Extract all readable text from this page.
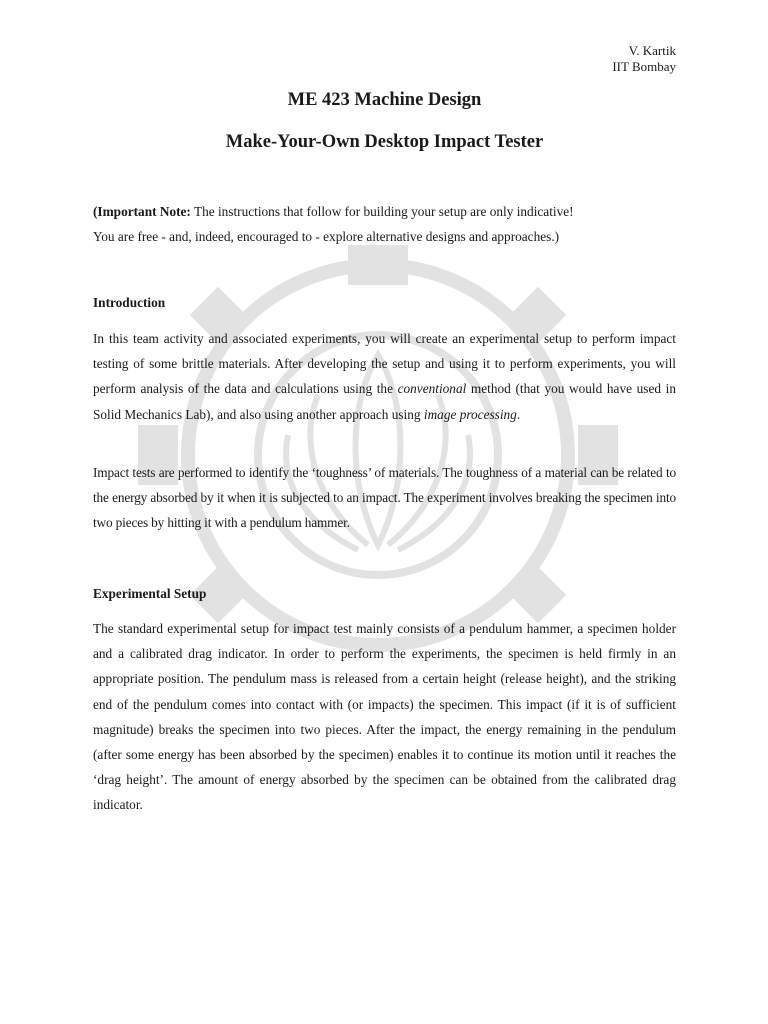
V. Kartik
IIT Bombay
ME 423 Machine Design
Make-Your-Own Desktop Impact Tester
(Important Note: The instructions that follow for building your setup are only indicative!
You are free - and, indeed, encouraged to - explore alternative designs and approaches.)
Introduction
In this team activity and associated experiments, you will create an experimental setup to perform impact testing of some brittle materials. After developing the setup and using it to perform experiments, you will perform analysis of the data and calculations using the conventional method (that you would have used in Solid Mechanics Lab), and also using another approach using image processing.
Impact tests are performed to identify the ‘toughness’ of materials. The toughness of a material can be related to the energy absorbed by it when it is subjected to an impact. The experiment involves breaking the specimen into two pieces by hitting it with a pendulum hammer.
Experimental Setup
The standard experimental setup for impact test mainly consists of a pendulum hammer, a specimen holder and a calibrated drag indicator. In order to perform the experiments, the specimen is held firmly in an appropriate position. The pendulum mass is released from a certain height (release height), and the striking end of the pendulum comes into contact with (or impacts) the specimen. This impact (if it is of sufficient magnitude) breaks the specimen into two pieces. After the impact, the energy remaining in the pendulum (after some energy has been absorbed by the specimen) enables it to continue its motion until it reaches the ‘drag height’. The amount of energy absorbed by the specimen can be obtained from the calibrated drag indicator.
